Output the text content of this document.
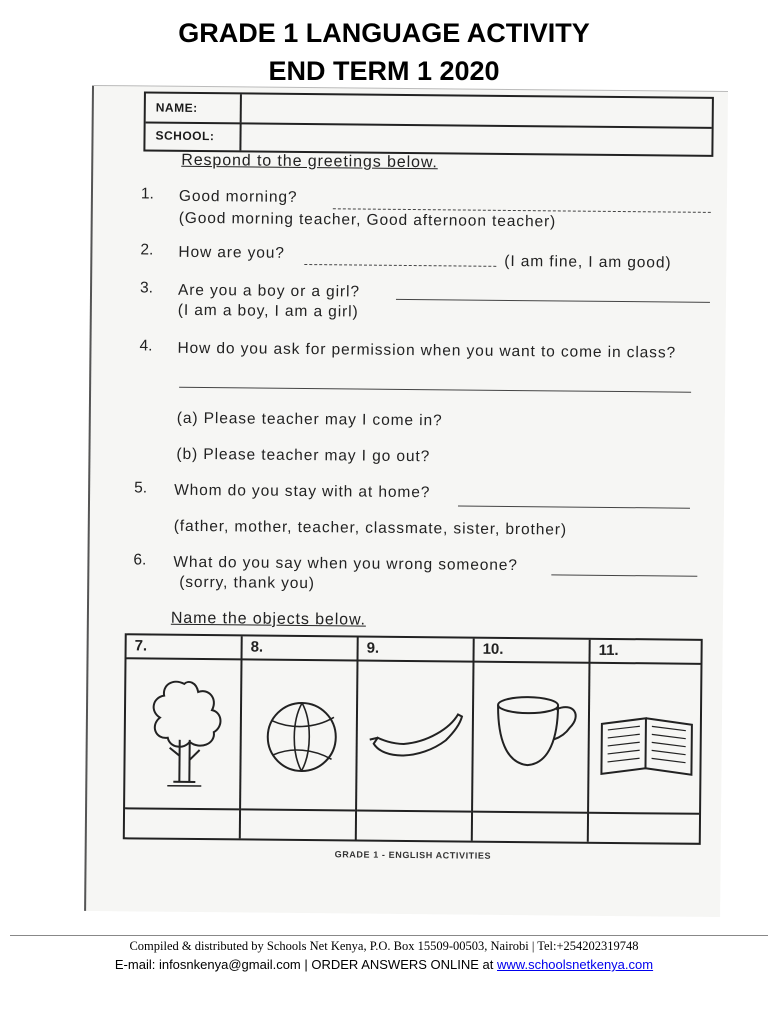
GRADE 1 LANGUAGE ACTIVITY
END TERM 1 2020
NAME:
SCHOOL:
Respond to the greetings below.
1. Good morning?
(Good morning teacher, Good afternoon teacher)
2. How are you?
(I am fine, I am good)
3. Are you a boy or a girl?
(I am a boy, I am a girl)
4. How do you ask for permission when you want to come in class?
(a) Please teacher may I come in?
(b) Please teacher may I go out?
5. Whom do you stay with at home?
(father, mother, teacher, classmate, sister, brother)
6. What do you say when you wrong someone?
(sorry, thank you)
Name the objects below.
7.	8.	9.	10.	11.
GRADE 1 - ENGLISH ACTIVITIES
Compiled & distributed by Schools Net Kenya, P.O. Box 15509-00503, Nairobi | Tel:+254202319748
E-mail: infosnkenya@gmail.com | ORDER ANSWERS ONLINE at www.schoolsnetkenya.com
